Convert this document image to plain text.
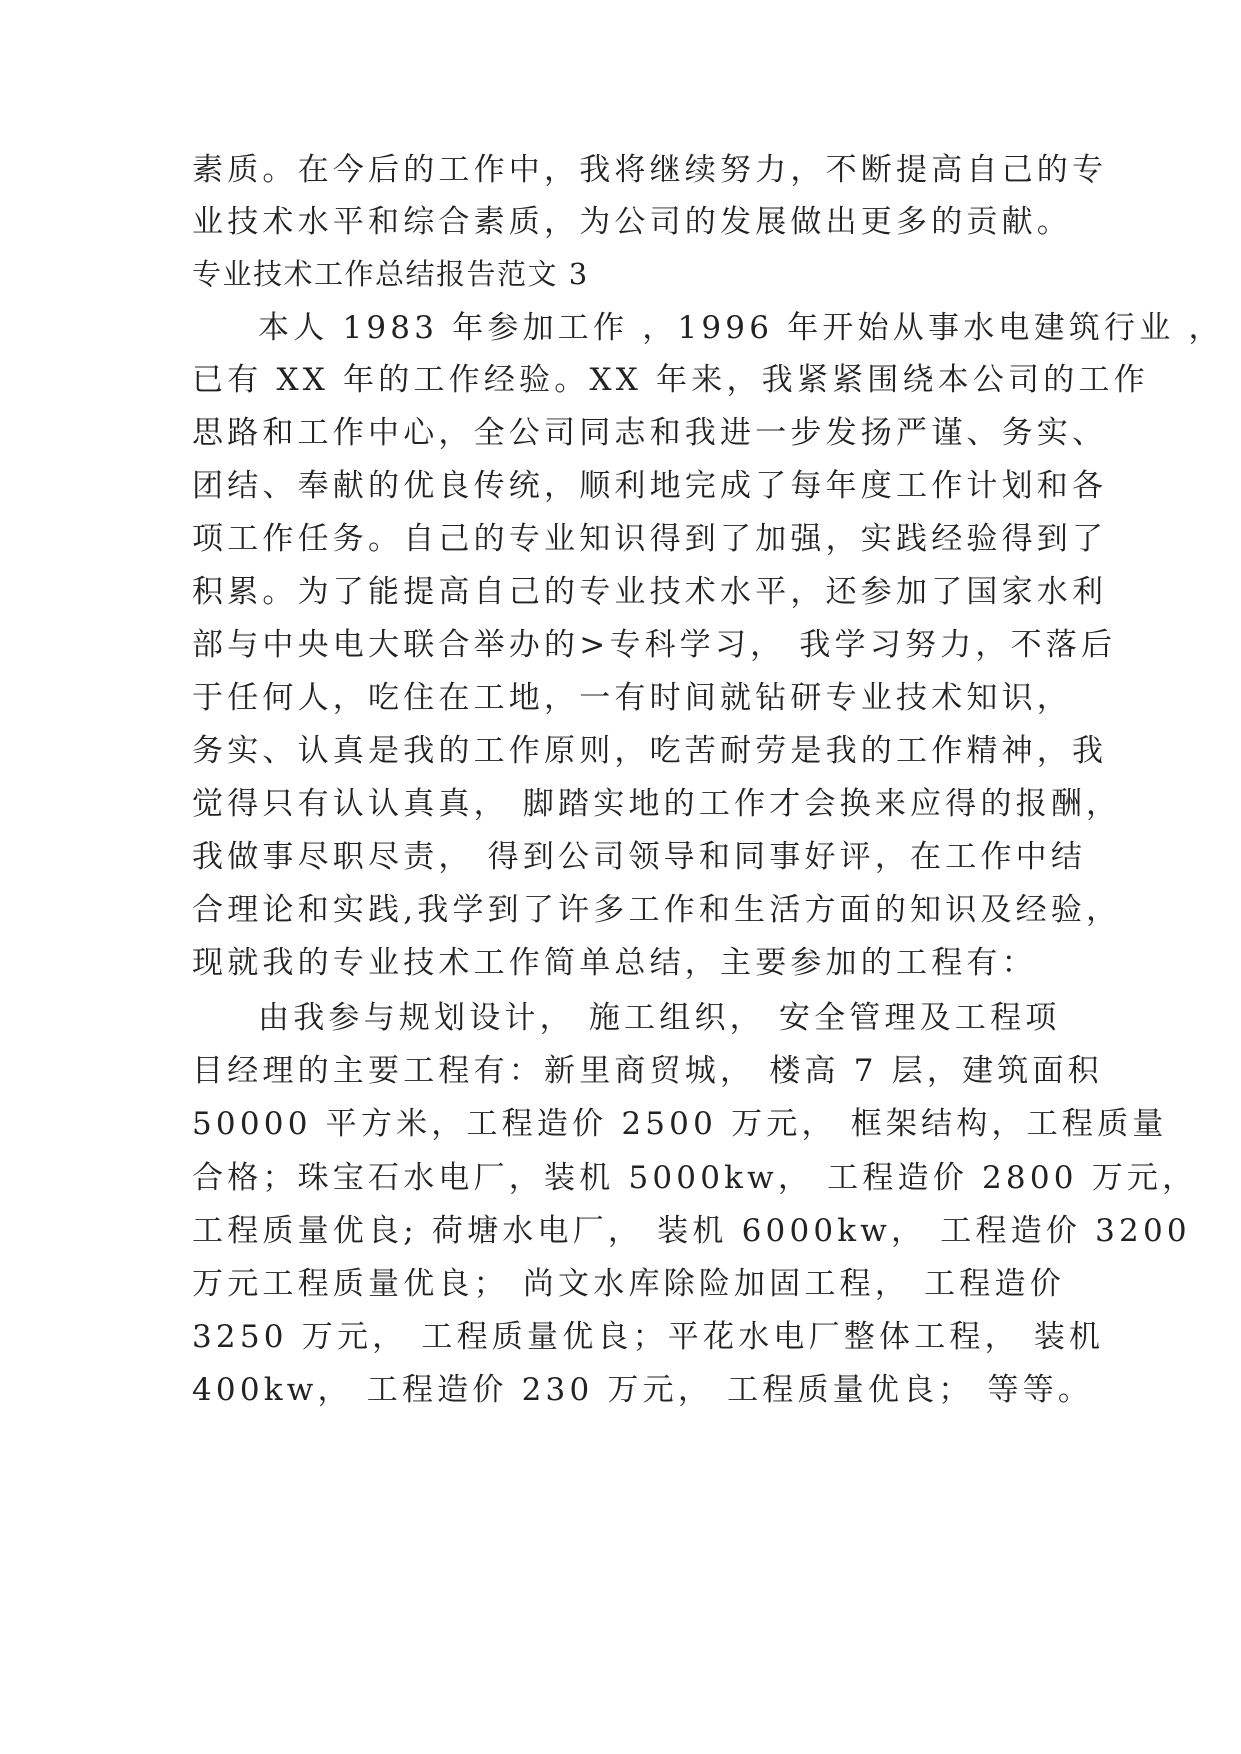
素质。在今后的工作中，我将继续努力，不断提高自己的专
业技术水平和综合素质，为公司的发展做出更多的贡献。
专业技术工作总结报告范文 3
本人 1983 年参加工作 ，1996 年开始从事水电建筑行业 ，
已有 XX 年的工作经验。XX 年来，我紧紧围绕本公司的工作
思路和工作中心，全公司同志和我进一步发扬严谨、务实、
团结、奉献的优良传统，顺利地完成了每年度工作计划和各
项工作任务。自己的专业知识得到了加强，实践经验得到了
积累。为了能提高自己的专业技术水平，还参加了国家水利
部与中央电大联合举办的>专科学习， 我学习努力，不落后
于任何人，吃住在工地，一有时间就钻研专业技术知识，
务实、认真是我的工作原则，吃苦耐劳是我的工作精神，我
觉得只有认认真真， 脚踏实地的工作才会换来应得的报酬，
我做事尽职尽责， 得到公司领导和同事好评，在工作中结
合理论和实践,我学到了许多工作和生活方面的知识及经验，
现就我的专业技术工作简单总结，主要参加的工程有：
由我参与规划设计， 施工组织， 安全管理及工程项
目经理的主要工程有：新里商贸城， 楼高 7 层，建筑面积
50000 平方米，工程造价 2500 万元， 框架结构，工程质量
合格；珠宝石水电厂，装机 5000kw， 工程造价 2800 万元，
工程质量优良; 荷塘水电厂， 装机 6000kw， 工程造价 3200
万元工程质量优良； 尚文水库除险加固工程， 工程造价
3250 万元， 工程质量优良；平花水电厂整体工程， 装机
400kw， 工程造价 230 万元， 工程质量优良； 等等。
